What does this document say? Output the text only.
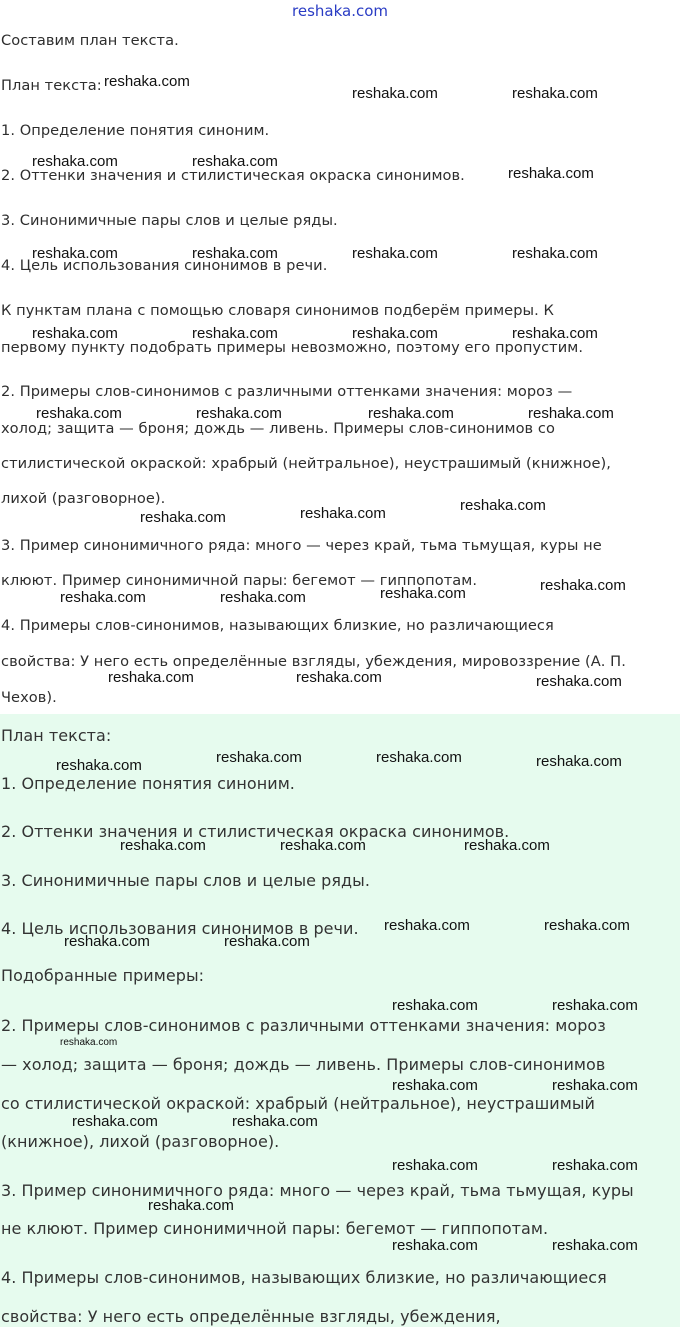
Составим план текста.
План текста:
1. Определение понятия синоним.
2. Оттенки значения и стилистическая окраска синонимов.
3. Синонимичные пары слов и целые ряды.
4. Цель использования синонимов в речи.
К пунктам плана с помощью словаря синонимов подберём примеры. К
первому пункту подобрать примеры невозможно, поэтому его пропустим.
2. Примеры слов-синонимов с различными оттенками значения: мороз —
холод; защита — броня; дождь — ливень. Примеры слов-синонимов со
стилистической окраской: храбрый (нейтральное), неустрашимый (книжное),
лихой (разговорное).
3. Пример синонимичного ряда: много — через край, тьма тьмущая, куры не
клюют. Пример синонимичной пары: бегемот — гиппопотам.
4. Примеры слов-синонимов, называющих близкие, но различающиеся
свойства: У него есть определённые взгляды, убеждения, мировоззрение (А. П.
Чехов).
План текста:
1. Определение понятия синоним.
2. Оттенки значения и стилистическая окраска синонимов.
3. Синонимичные пары слов и целые ряды.
4. Цель использования синонимов в речи.
Подобранные примеры:
2. Примеры слов-синонимов с различными оттенками значения: мороз
— холод; защита — броня; дождь — ливень. Примеры слов-синонимов
со стилистической окраской: храбрый (нейтральное), неустрашимый
(книжное), лихой (разговорное).
3. Пример синонимичного ряда: много — через край, тьма тьмущая, куры
не клюют. Пример синонимичной пары: бегемот — гиппопотам.
4. Примеры слов-синонимов, называющих близкие, но различающиеся
свойства: У него есть определённые взгляды, убеждения,
reshaka.com
reshaka.com
reshaka.com	reshaka.com
reshaka.com	reshaka.com
reshaka.com
reshaka.com	reshaka.com	reshaka.com	reshaka.com
reshaka.com	reshaka.com	reshaka.com	reshaka.com
reshaka.com	reshaka.com	reshaka.com	reshaka.com
reshaka.com
reshaka.com
reshaka.com
reshaka.com
reshaka.com
reshaka.com	reshaka.com
reshaka.com	reshaka.com	reshaka.com
reshaka.com	reshaka.com	reshaka.com
reshaka.com
reshaka.com	reshaka.com	reshaka.com
reshaka.com	reshaka.com
reshaka.com	reshaka.com
reshaka.com	reshaka.com
reshaka.com
reshaka.com	reshaka.com
reshaka.com	reshaka.com
reshaka.com	reshaka.com
reshaka.com
reshaka.com	reshaka.com
